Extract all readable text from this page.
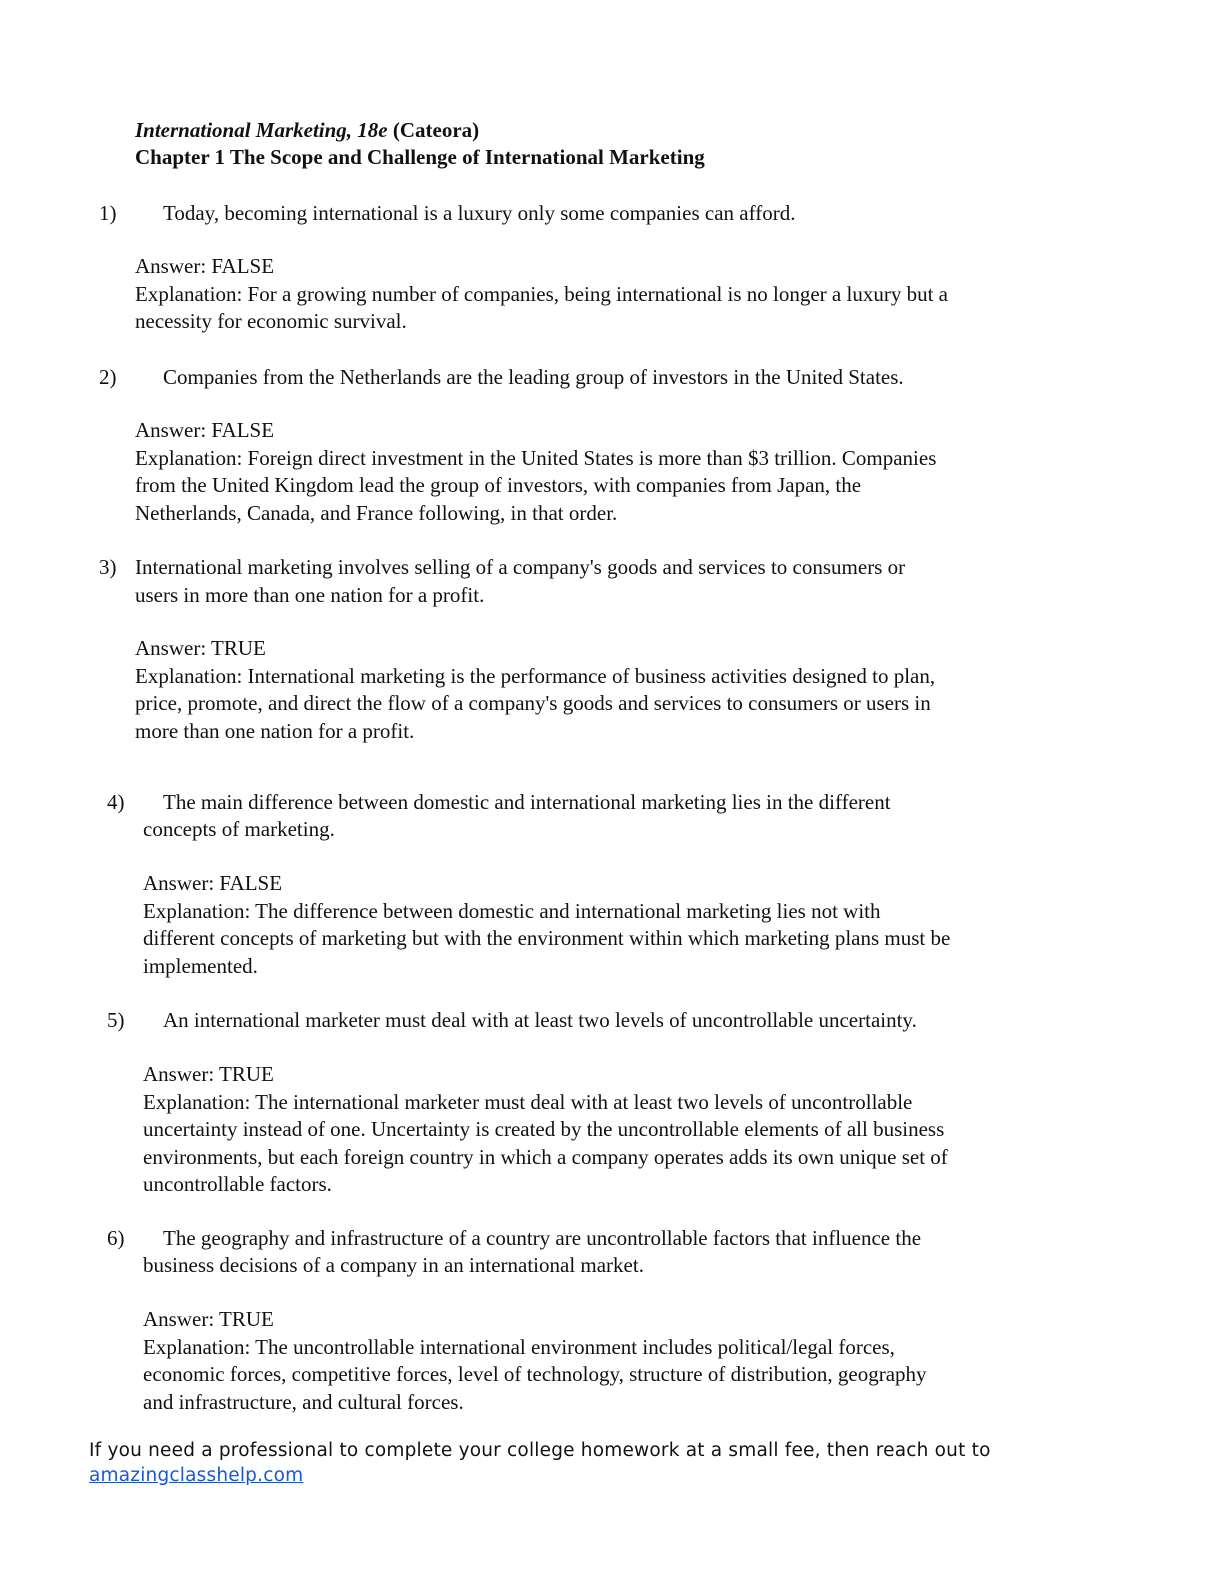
International Marketing, 18e (Cateora)
Chapter 1 The Scope and Challenge of International Marketing
1) Today, becoming international is a luxury only some companies can afford.
Answer: FALSE
Explanation: For a growing number of companies, being international is no longer a luxury but a
necessity for economic survival.
2) Companies from the Netherlands are the leading group of investors in the United States.
Answer: FALSE
Explanation: Foreign direct investment in the United States is more than $3 trillion. Companies
from the United Kingdom lead the group of investors, with companies from Japan, the
Netherlands, Canada, and France following, in that order.
3) International marketing involves selling of a company's goods and services to consumers or
users in more than one nation for a profit.
Answer: TRUE
Explanation: International marketing is the performance of business activities designed to plan,
price, promote, and direct the flow of a company's goods and services to consumers or users in
more than one nation for a profit.
4) The main difference between domestic and international marketing lies in the different
concepts of marketing.
Answer: FALSE
Explanation: The difference between domestic and international marketing lies not with
different concepts of marketing but with the environment within which marketing plans must be
implemented.
5) An international marketer must deal with at least two levels of uncontrollable uncertainty.
Answer: TRUE
Explanation: The international marketer must deal with at least two levels of uncontrollable
uncertainty instead of one. Uncertainty is created by the uncontrollable elements of all business
environments, but each foreign country in which a company operates adds its own unique set of
uncontrollable factors.
6) The geography and infrastructure of a country are uncontrollable factors that influence the
business decisions of a company in an international market.
Answer: TRUE
Explanation: The uncontrollable international environment includes political/legal forces,
economic forces, competitive forces, level of technology, structure of distribution, geography
and infrastructure, and cultural forces.
If you need a professional to complete your college homework at a small fee, then reach out to
amazingclasshelp.com
